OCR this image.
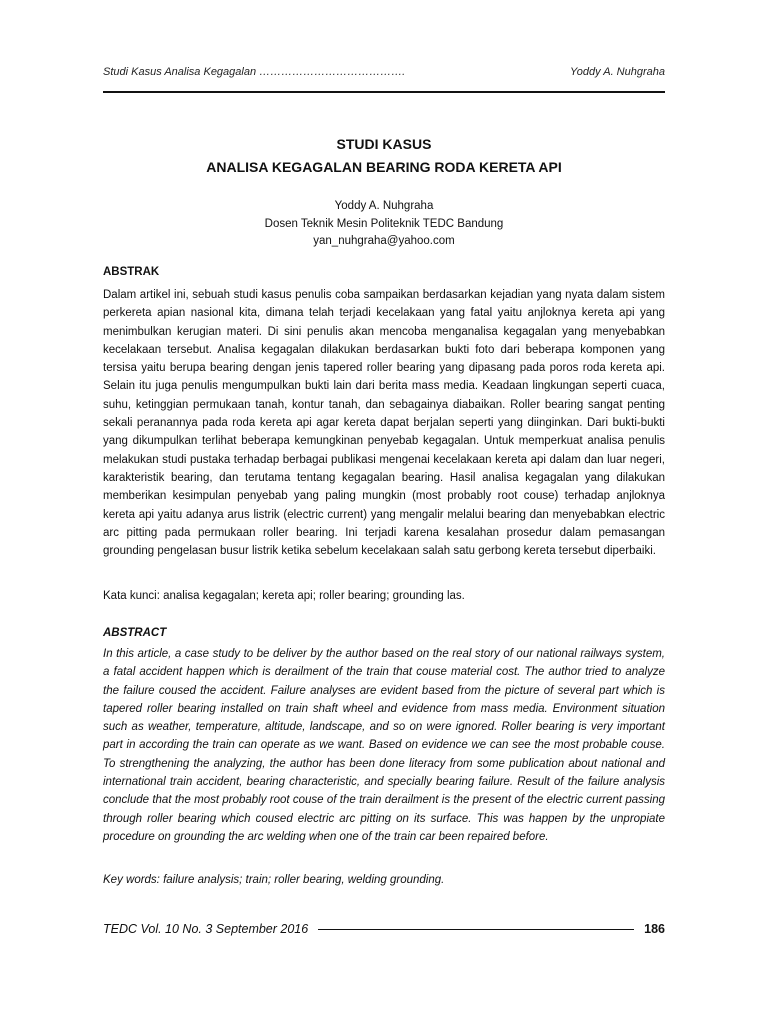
Studi Kasus Analisa Kegagalan ………………………………….	Yoddy A. Nuhgraha
STUDI KASUS
ANALISA KEGAGALAN BEARING RODA KERETA API
Yoddy A. Nuhgraha
Dosen Teknik Mesin Politeknik TEDC Bandung
yan_nuhgraha@yahoo.com
ABSTRAK

Dalam artikel ini, sebuah studi kasus penulis coba sampaikan berdasarkan kejadian yang nyata dalam sistem perkereta apian nasional kita, dimana telah terjadi kecelakaan yang fatal yaitu anjloknya kereta api yang menimbulkan kerugian materi. Di sini penulis akan mencoba menganalisa kegagalan yang menyebabkan kecelakaan tersebut. Analisa kegagalan dilakukan berdasarkan bukti foto dari beberapa komponen yang tersisa yaitu berupa bearing dengan jenis tapered roller bearing yang dipasang pada poros roda kereta api. Selain itu juga penulis mengumpulkan bukti lain dari berita mass media. Keadaan lingkungan seperti cuaca, suhu, ketinggian permukaan tanah, kontur tanah, dan sebagainya diabaikan. Roller bearing sangat penting sekali peranannya pada roda kereta api agar kereta dapat berjalan seperti yang diinginkan. Dari bukti-bukti yang dikumpulkan terlihat beberapa kemungkinan penyebab kegagalan. Untuk memperkuat analisa penulis melakukan studi pustaka terhadap berbagai publikasi mengenai kecelakaan kereta api dalam dan luar negeri, karakteristik bearing, dan terutama tentang kegagalan bearing. Hasil analisa kegagalan yang dilakukan memberikan kesimpulan penyebab yang paling mungkin (most probably root couse) terhadap anjloknya kereta api yaitu adanya arus listrik (electric current) yang mengalir melalui bearing dan menyebabkan electric arc pitting pada permukaan roller bearing. Ini terjadi karena kesalahan prosedur dalam pemasangan grounding pengelasan busur listrik ketika sebelum kecelakaan salah satu gerbong kereta tersebut diperbaiki.

Kata kunci: analisa kegagalan; kereta api; roller bearing; grounding las.

ABSTRACT

In this article, a case study to be deliver by the author based on the real story of our national railways system, a fatal accident happen which is derailment of the train that couse material cost. The author tried to analyze the failure coused the accident. Failure analyses are evident based from the picture of several part which is tapered roller bearing installed on train shaft wheel and evidence from mass media. Environment situation such as weather, temperature, altitude, landscape, and so on were ignored. Roller bearing is very important part in according the train can operate as we want. Based on evidence we can see the most probable couse. To strengthening the analyzing, the author has been done literacy from some publication about national and international train accident, bearing characteristic, and specially bearing failure. Result of the failure analysis conclude that the most probably root couse of the train derailment is the present of the electric current passing through roller bearing which coused electric arc pitting on its surface. This was happen by the unpropiate procedure on grounding the arc welding when one of the train car been repaired before.

Key words: failure analysis; train; roller bearing, welding grounding.

TEDC Vol. 10 No. 3 September 2016	186
